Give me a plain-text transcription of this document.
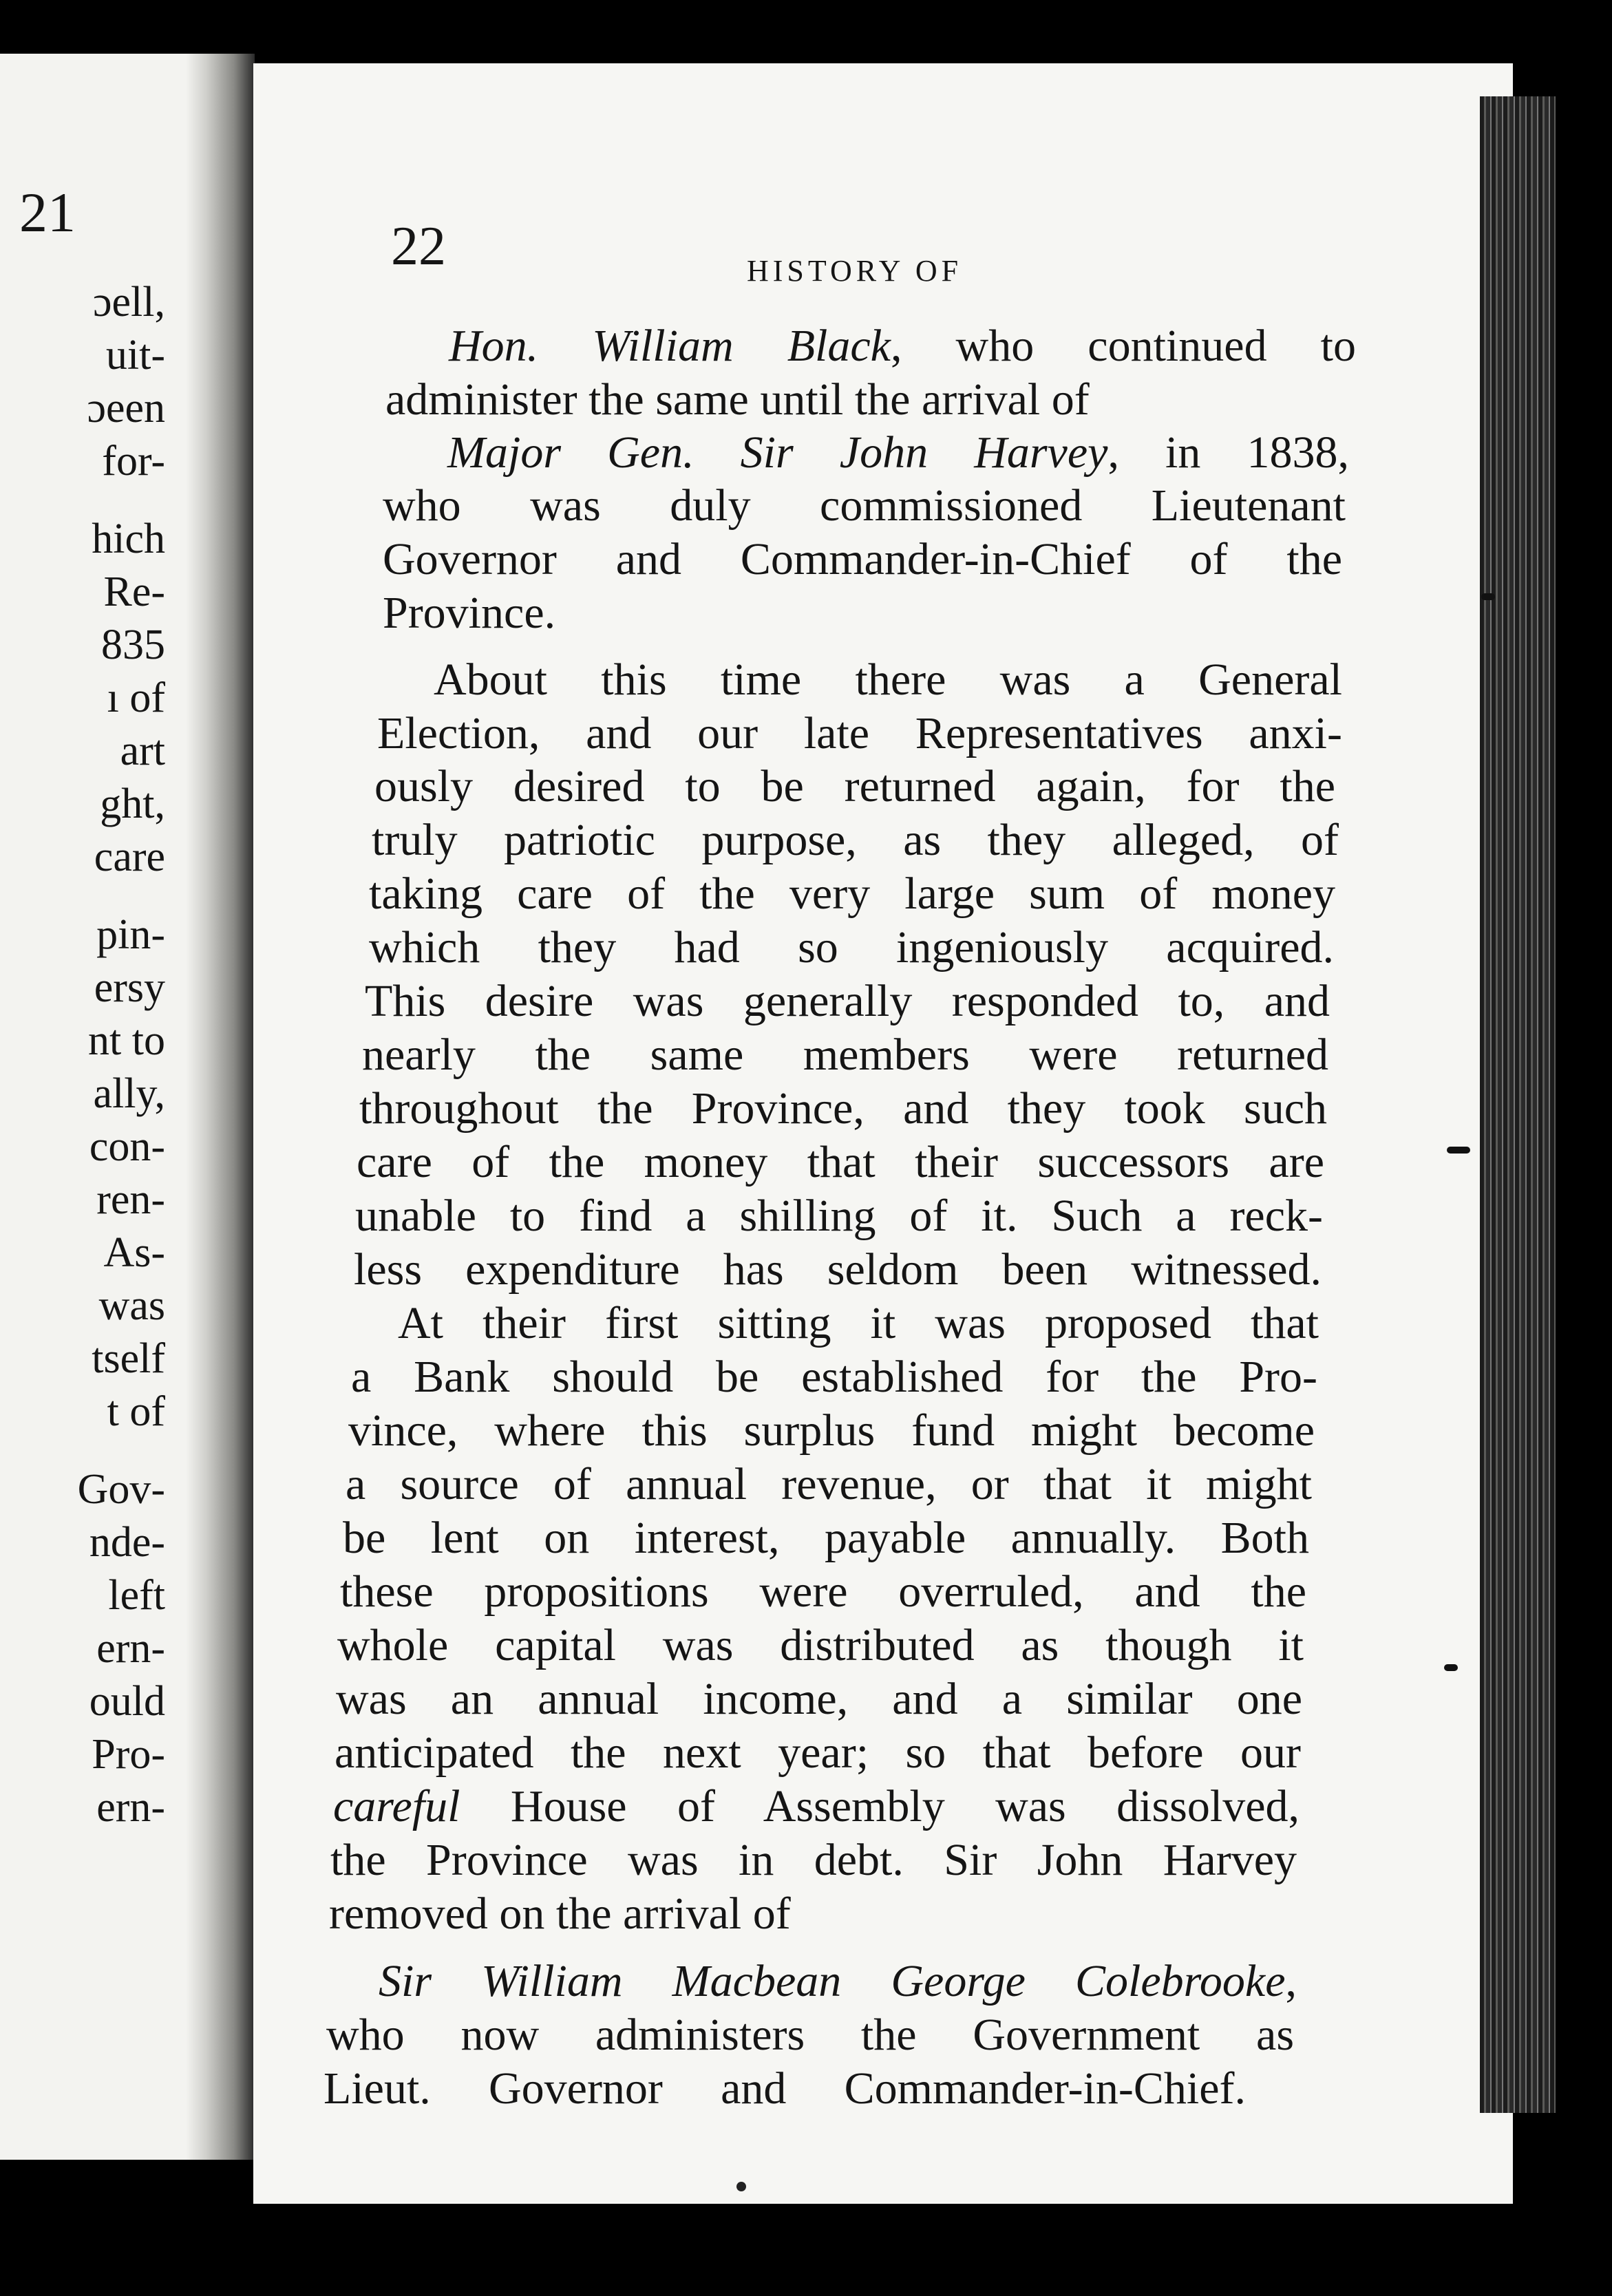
21
ɔell,
uit-
ɔeen
for-
hich
Re-
835
ı of
art
ght,
care
pin-
ersy
nt to
ally,
con-
ren-
As-
was
tself
t of
Gov-
nde-
left
ern-
ould
Pro-
ern-
22	HISTORY OF
Hon. William Black, who continued to
administer the same until the arrival of
Major Gen. Sir John Harvey, in 1838,
who was duly commissioned Lieutenant
Governor and Commander-in-Chief of the
Province.
About this time there was a General
Election, and our late Representatives anxi-
ously desired to be returned again, for the
truly patriotic purpose, as they alleged, of
taking care of the very large sum of money
which they had so ingeniously acquired.
This desire was generally responded to, and
nearly the same members were returned
throughout the Province, and they took such
care of the money that their successors are
unable to find a shilling of it. Such a reck-
less expenditure has seldom been witnessed.
At their first sitting it was proposed that
a Bank should be established for the Pro-
vince, where this surplus fund might become
a source of annual revenue, or that it might
be lent on interest, payable annually. Both
these propositions were overruled, and the
whole capital was distributed as though it
was an annual income, and a similar one
anticipated the next year; so that before our
careful House of Assembly was dissolved,
the Province was in debt. Sir John Harvey
removed on the arrival of
Sir William Macbean George Colebrooke,
who now administers the Government as
Lieut. Governor and Commander-in-Chief.
